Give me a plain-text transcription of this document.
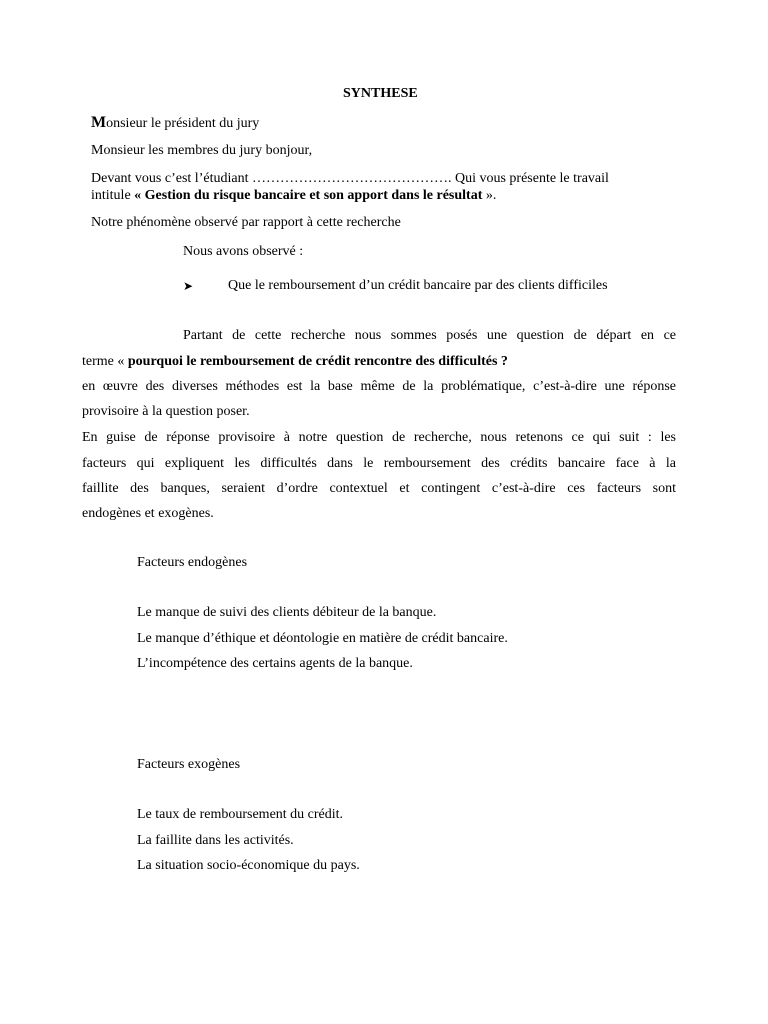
SYNTHESE

Monsieur le président du jury

Monsieur les membres du jury bonjour,

Devant vous c’est l’étudiant ……………………………………. Qui vous présente le travail

intitule « Gestion du risque bancaire et son apport dans le résultat ».

Notre phénomène observé par rapport à cette recherche

Nous avons observé :

➤ Que le remboursement d’un crédit bancaire par des clients difficiles

Partant de cette recherche nous sommes posés une question de départ en ce

terme « pourquoi le remboursement de crédit rencontre des difficultés ?

en œuvre des diverses méthodes est la base même de la problématique, c’est-à-dire une réponse

provisoire à la question poser.

En guise de réponse provisoire à notre question de recherche, nous retenons ce qui suit : les

facteurs qui expliquent les difficultés dans le remboursement des crédits bancaire face à la

faillite des banques, seraient d’ordre contextuel et contingent c’est-à-dire ces facteurs sont

endogènes et exogènes.

Facteurs endogènes

Le manque de suivi des clients débiteur de la banque.

Le manque d’éthique et déontologie en matière de crédit bancaire.

L’incompétence des certains agents de la banque.

Facteurs exogènes

Le taux de remboursement du crédit.

La faillite dans les activités.

La situation socio-économique du pays.
